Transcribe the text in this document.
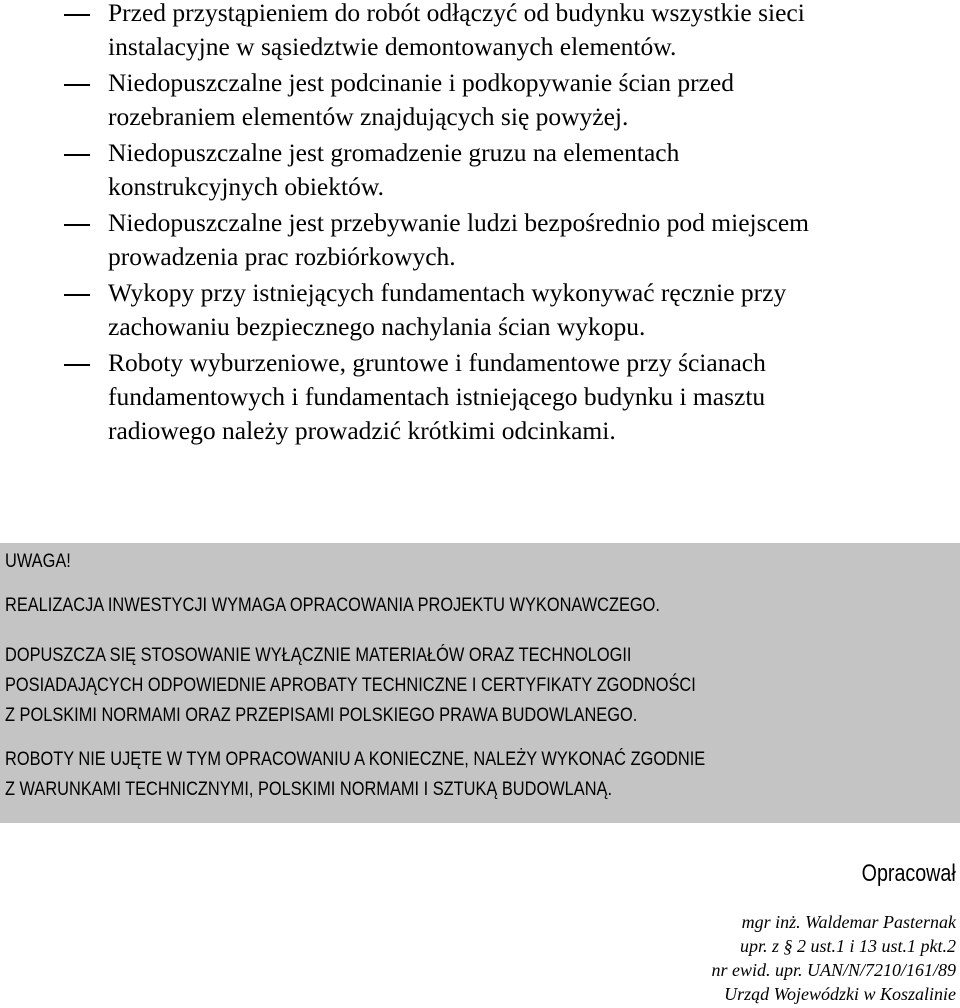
Przed przystąpieniem do robót odłączyć od budynku wszystkie sieci
instalacyjne w sąsiedztwie demontowanych elementów.
Niedopuszczalne jest podcinanie i podkopywanie ścian przed
rozebraniem elementów znajdujących się powyżej.
Niedopuszczalne jest gromadzenie gruzu na elementach
konstrukcyjnych obiektów.
Niedopuszczalne jest przebywanie ludzi bezpośrednio pod miejscem
prowadzenia prac rozbiórkowych.
Wykopy przy istniejących fundamentach wykonywać ręcznie przy
zachowaniu bezpiecznego nachylania ścian wykopu.
Roboty wyburzeniowe, gruntowe i fundamentowe przy ścianach
fundamentowych i fundamentach istniejącego budynku i masztu
radiowego należy prowadzić krótkimi odcinkami.

UWAGA!

REALIZACJA INWESTYCJI WYMAGA OPRACOWANIA PROJEKTU WYKONAWCZEGO.

DOPUSZCZA SIĘ STOSOWANIE WYŁĄCZNIE MATERIAŁÓW ORAZ TECHNOLOGII

POSIADAJĄCYCH ODPOWIEDNIE APROBATY TECHNICZNE I CERTYFIKATY ZGODNOŚCI

Z POLSKIMI NORMAMI ORAZ PRZEPISAMI POLSKIEGO PRAWA BUDOWLANEGO.

ROBOTY NIE UJĘTE W TYM OPRACOWANIU A KONIECZNE, NALEŻY WYKONAĆ ZGODNIE

Z WARUNKAMI TECHNICZNYMI, POLSKIMI NORMAMI I SZTUKĄ BUDOWLANĄ.

Opracował
mgr inż. Waldemar Pasternak
upr. z § 2 ust.1 i 13 ust.1 pkt.2
nr ewid. upr. UAN/N/7210/161/89
Urząd Wojewódzki w Koszalinie
